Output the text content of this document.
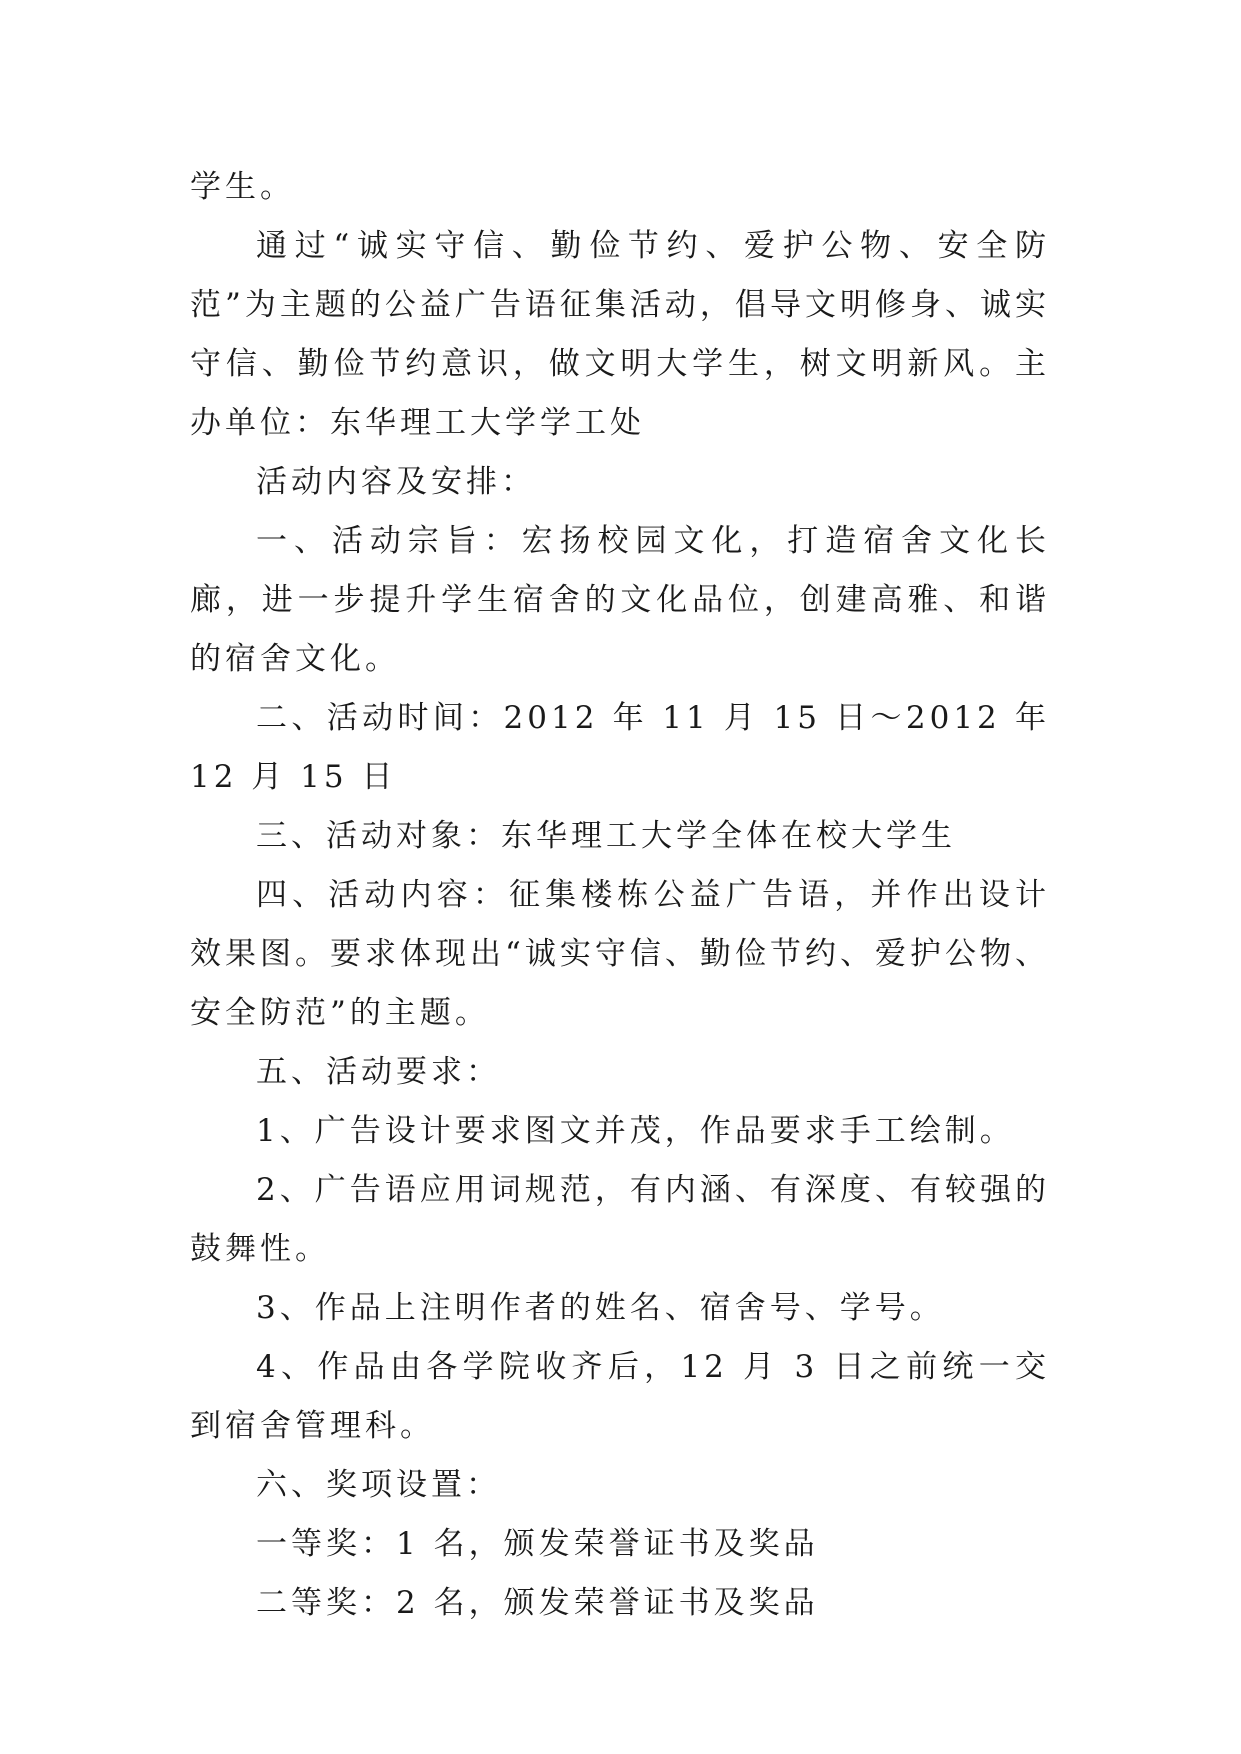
学生。

通过“诚实守信、勤俭节约、爱护公物、安全防范”为主题的公益广告语征集活动，倡导文明修身、诚实守信、勤俭节约意识，做文明大学生，树文明新风。主办单位：东华理工大学学工处

活动内容及安排：

一、活动宗旨：宏扬校园文化，打造宿舍文化长廊，进一步提升学生宿舍的文化品位，创建高雅、和谐的宿舍文化。

二、活动时间：2012 年 11 月 15 日～2012 年 12 月 15 日

三、活动对象：东华理工大学全体在校大学生

四、活动内容：征集楼栋公益广告语，并作出设计效果图。要求体现出“诚实守信、勤俭节约、爱护公物、安全防范”的主题。

五、活动要求：

1、广告设计要求图文并茂，作品要求手工绘制。

2、广告语应用词规范，有内涵、有深度、有较强的鼓舞性。

3、作品上注明作者的姓名、宿舍号、学号。

4、作品由各学院收齐后，12 月 3 日之前统一交到宿舍管理科。

六、奖项设置：

一等奖：1 名，颁发荣誉证书及奖品

二等奖：2 名，颁发荣誉证书及奖品
